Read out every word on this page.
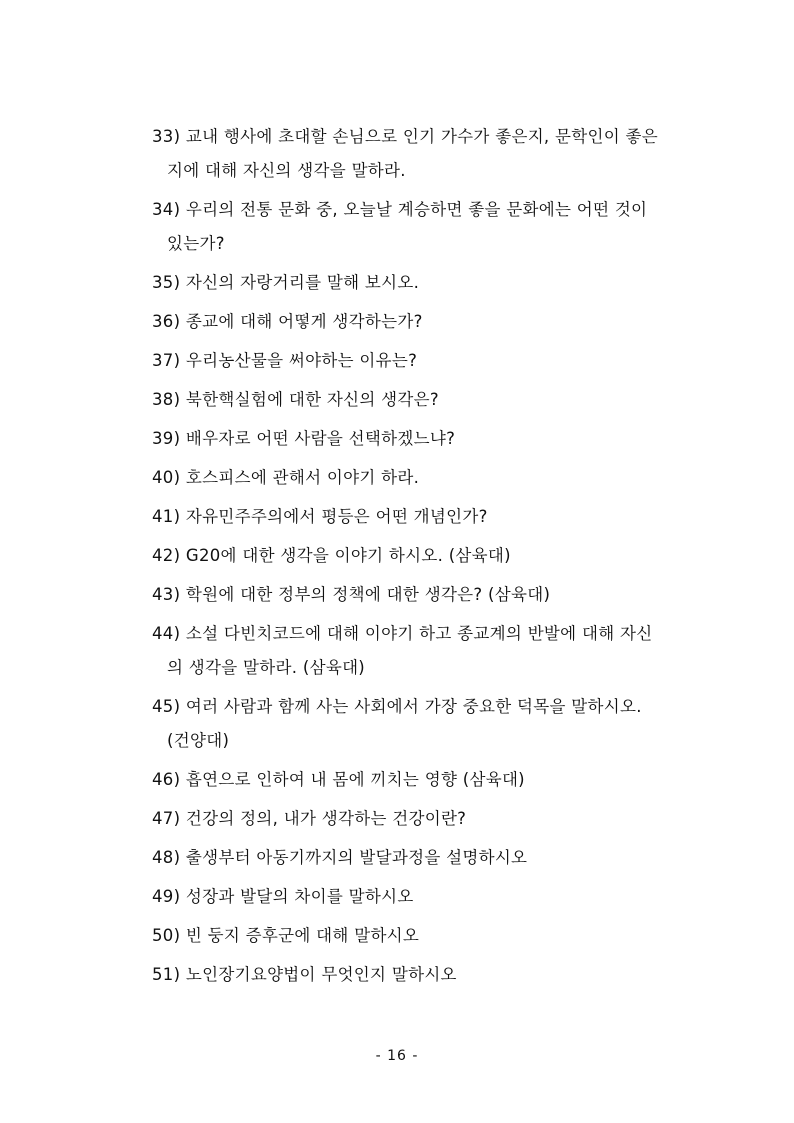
33) 교내 행사에 초대할 손님으로 인기 가수가 좋은지, 문학인이 좋은
지에 대해 자신의 생각을 말하라.
34) 우리의 전통 문화 중, 오늘날 계승하면 좋을 문화에는 어떤 것이
있는가?
35) 자신의 자랑거리를 말해 보시오.
36) 종교에 대해 어떻게 생각하는가?
37) 우리농산물을 써야하는 이유는?
38) 북한핵실험에 대한 자신의 생각은?
39) 배우자로 어떤 사람을 선택하겠느냐?
40) 호스피스에 관해서 이야기 하라.
41) 자유민주주의에서 평등은 어떤 개념인가?
42) G20에 대한 생각을 이야기 하시오. (삼육대)
43) 학원에 대한 정부의 정책에 대한 생각은? (삼육대)
44) 소설 다빈치코드에 대해 이야기 하고 종교계의 반발에 대해 자신
의 생각을 말하라. (삼육대)
45) 여러 사람과 함께 사는 사회에서 가장 중요한 덕목을 말하시오.
(건양대)
46) 흡연으로 인하여 내 몸에 끼치는 영향 (삼육대)
47) 건강의 정의, 내가 생각하는 건강이란?
48) 출생부터 아동기까지의 발달과정을 설명하시오
49) 성장과 발달의 차이를 말하시오
50) 빈 둥지 증후군에 대해 말하시오
51) 노인장기요양법이 무엇인지 말하시오
- 16 -
